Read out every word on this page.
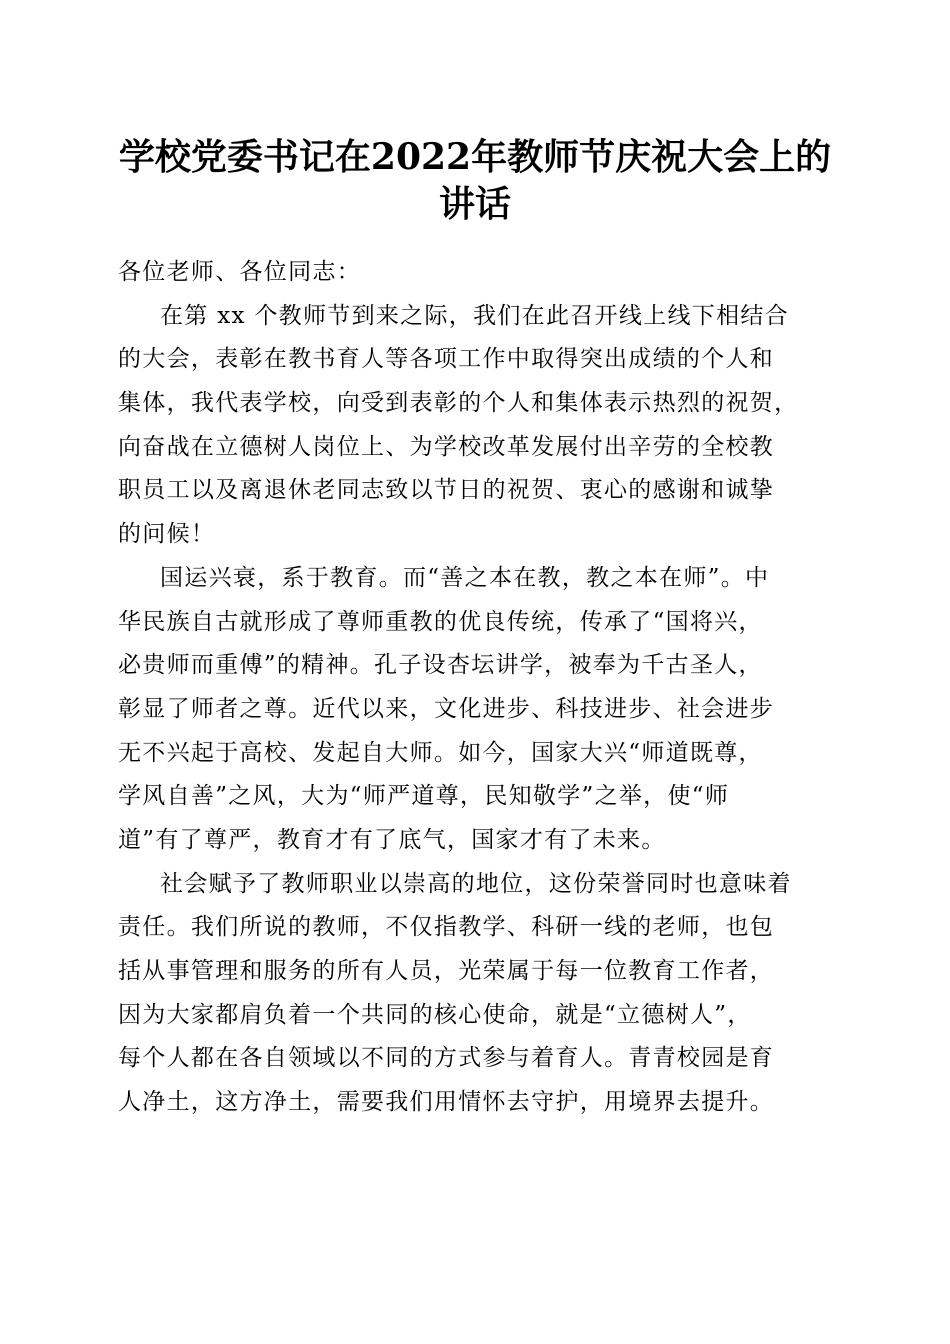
学校党委书记在2022年教师节庆祝大会上的
讲话
各位老师、各位同志：
在第 xx 个教师节到来之际，我们在此召开线上线下相结合
的大会，表彰在教书育人等各项工作中取得突出成绩的个人和
集体，我代表学校，向受到表彰的个人和集体表示热烈的祝贺，
向奋战在立德树人岗位上、为学校改革发展付出辛劳的全校教
职员工以及离退休老同志致以节日的祝贺、衷心的感谢和诚挚
的问候！
国运兴衰，系于教育。而“善之本在教，教之本在师”。中
华民族自古就形成了尊师重教的优良传统，传承了“国将兴，
必贵师而重傅”的精神。孔子设杏坛讲学，被奉为千古圣人，
彰显了师者之尊。近代以来，文化进步、科技进步、社会进步
无不兴起于高校、发起自大师。如今，国家大兴“师道既尊，
学风自善”之风，大为“师严道尊，民知敬学”之举，使“师
道”有了尊严，教育才有了底气，国家才有了未来。
社会赋予了教师职业以崇高的地位，这份荣誉同时也意味着
责任。我们所说的教师，不仅指教学、科研一线的老师，也包
括从事管理和服务的所有人员，光荣属于每一位教育工作者，
因为大家都肩负着一个共同的核心使命，就是“立德树人”，
每个人都在各自领域以不同的方式参与着育人。青青校园是育
人净土，这方净土，需要我们用情怀去守护，用境界去提升。
